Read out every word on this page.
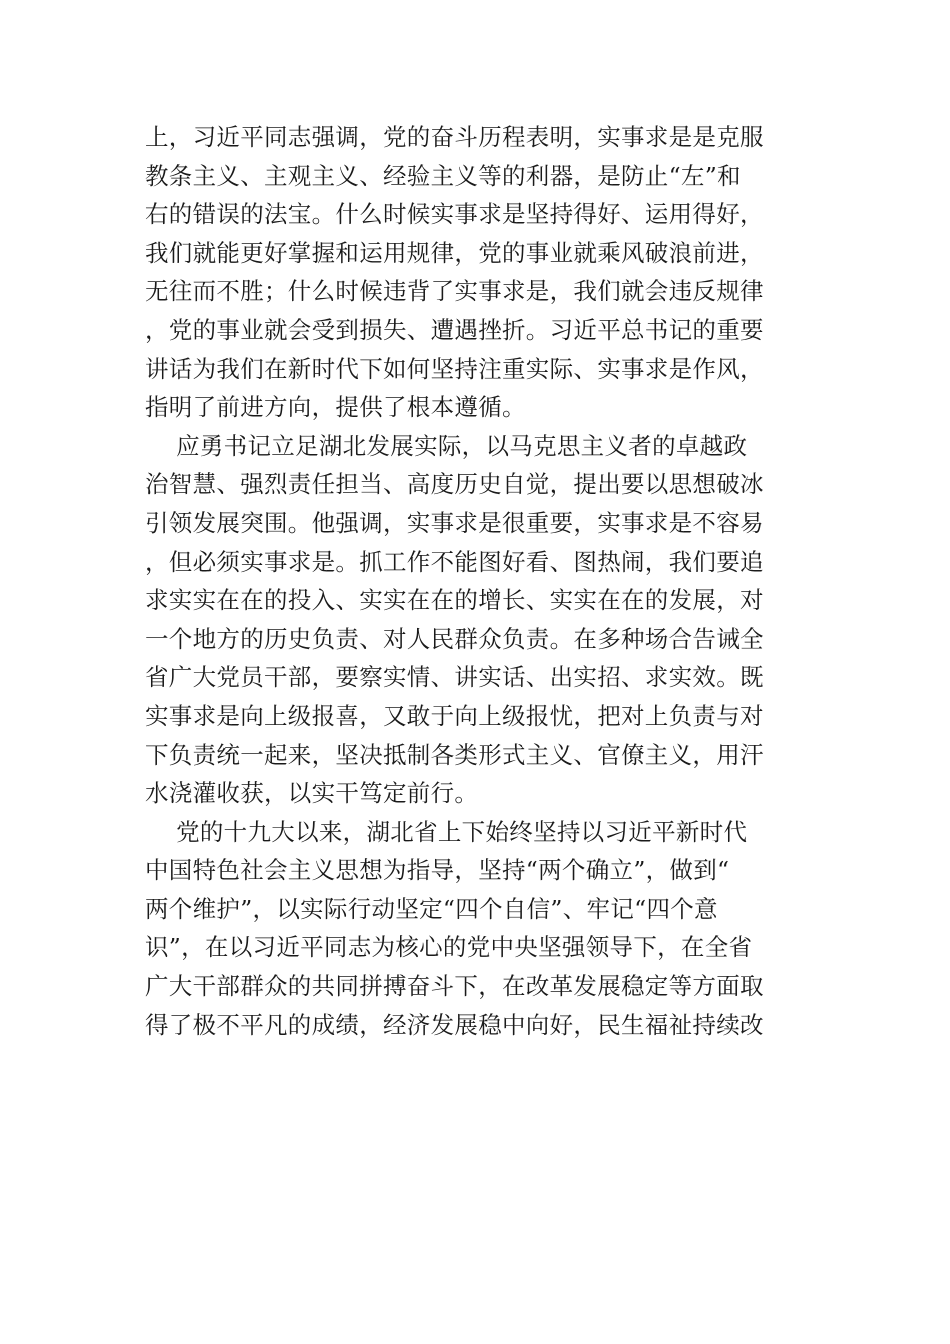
上，习近平同志强调，党的奋斗历程表明，实事求是是克服
教条主义、主观主义、经验主义等的利器，是防止“左”和
右的错误的法宝。什么时候实事求是坚持得好、运用得好，
我们就能更好掌握和运用规律，党的事业就乘风破浪前进，
无往而不胜；什么时候违背了实事求是，我们就会违反规律
，党的事业就会受到损失、遭遇挫折。习近平总书记的重要
讲话为我们在新时代下如何坚持注重实际、实事求是作风，
指明了前进方向，提供了根本遵循。
应勇书记立足湖北发展实际，以马克思主义者的卓越政
治智慧、强烈责任担当、高度历史自觉，提出要以思想破冰
引领发展突围。他强调，实事求是很重要，实事求是不容易
，但必须实事求是。抓工作不能图好看、图热闹，我们要追
求实实在在的投入、实实在在的增长、实实在在的发展，对
一个地方的历史负责、对人民群众负责。在多种场合告诫全
省广大党员干部，要察实情、讲实话、出实招、求实效。既
实事求是向上级报喜，又敢于向上级报忧，把对上负责与对
下负责统一起来，坚决抵制各类形式主义、官僚主义，用汗
水浇灌收获，以实干笃定前行。
党的十九大以来，湖北省上下始终坚持以习近平新时代
中国特色社会主义思想为指导，坚持“两个确立”，做到“
两个维护”，以实际行动坚定“四个自信”、牢记“四个意
识”，在以习近平同志为核心的党中央坚强领导下，在全省
广大干部群众的共同拼搏奋斗下，在改革发展稳定等方面取
得了极不平凡的成绩，经济发展稳中向好，民生福祉持续改
